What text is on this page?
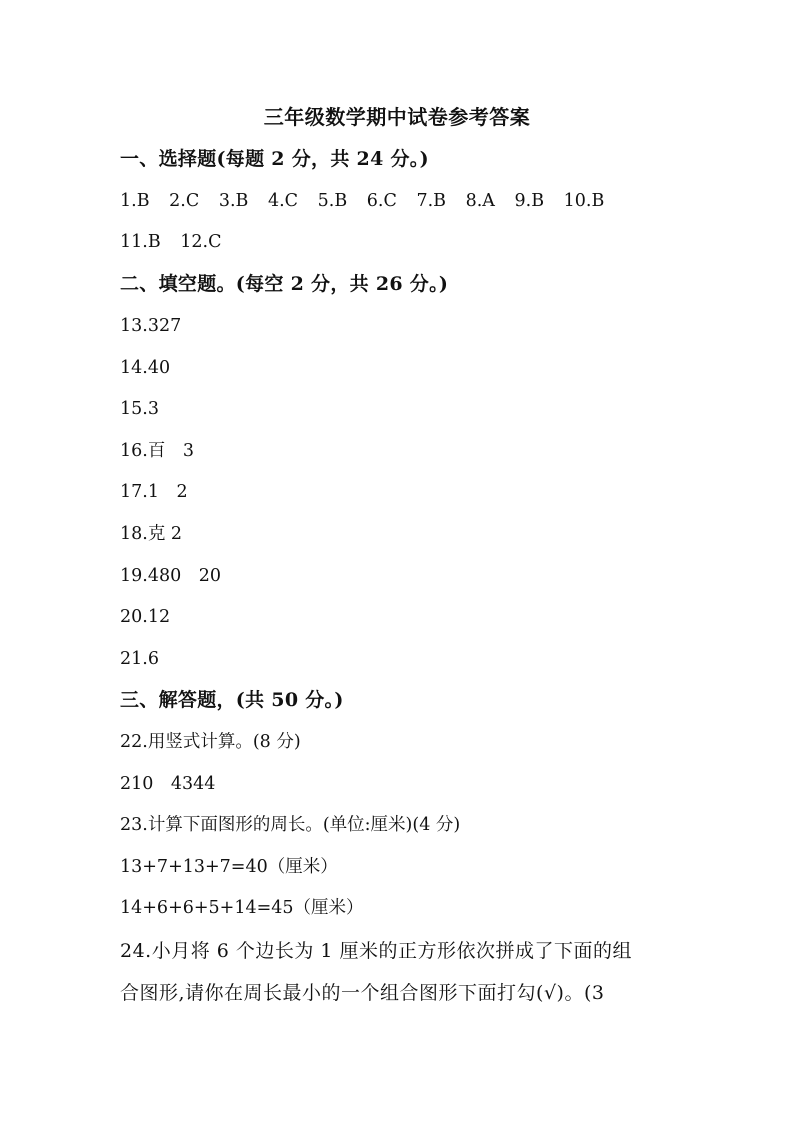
三年级数学期中试卷参考答案
一、选择题(每题 2 分，共 24 分。)
1.B 2.C 3.B 4.C 5.B 6.C 7.B 8.A 9.B 10.B
11.B 12.C
二、填空题。(每空 2 分，共 26 分。)
13.327
14.40
15.3
16.百　3
17.1　2
18.克 2
19.480　20
20.12
21.6
三、解答题，(共 50 分。)
22.用竖式计算。(8 分)
210　4344
23.计算下面图形的周长。(单位:厘米)(4 分)
13+7+13+7=40（厘米）
14+6+6+5+14=45（厘米）
24.小月将 6 个边长为 1 厘米的正方形依次拼成了下面的组
合图形,请你在周长最小的一个组合图形下面打勾(√)。(3
